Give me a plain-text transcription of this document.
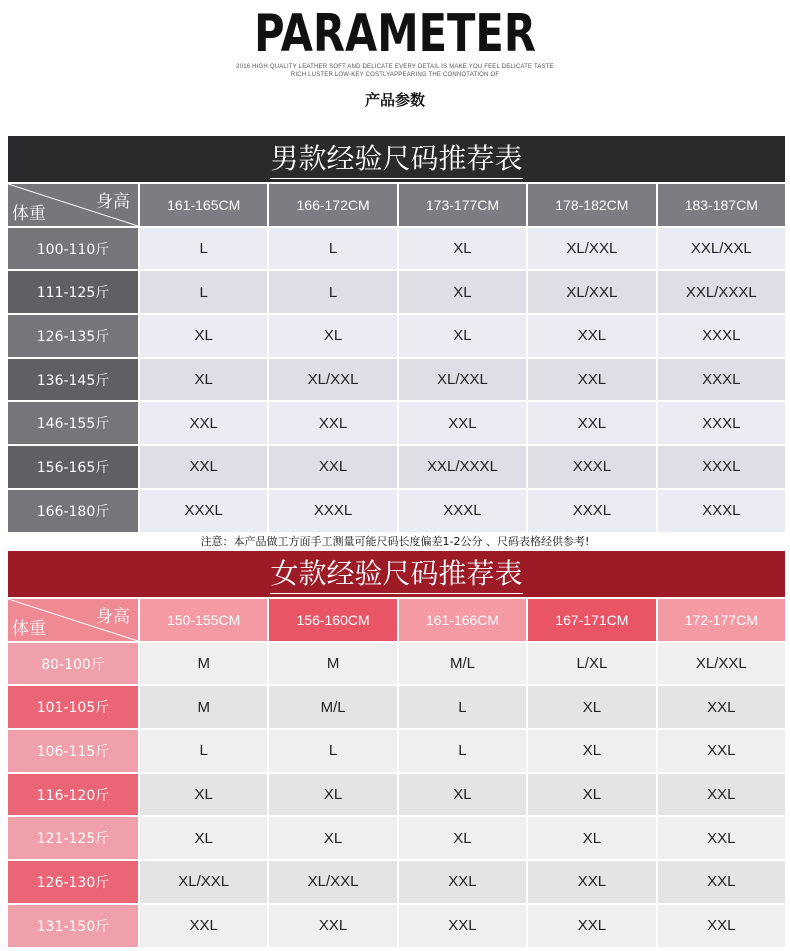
PARAMETER
2016 HIGH QUALITY LEATHER SOFT AND DELICATE EVERY DETAIL IS MAKE YOU FEEL DELICATE TASTE
RICH LUSTER LOW-KEY COSTLYAPPEARING THE CONNOTATION OF
产品参数
男款经验尺码推荐表
身高
体重	161-165CM	166-172CM	173-177CM	178-182CM	183-187CM
100-110斤	L	L	XL	XL/XXL	XXL/XXL
111-125斤	L	L	XL	XL/XXL	XXL/XXXL
126-135斤	XL	XL	XL	XXL	XXXL
136-145斤	XL	XL/XXL	XL/XXL	XXL	XXXL
146-155斤	XXL	XXL	XXL	XXL	XXXL
156-165斤	XXL	XXL	XXL/XXXL	XXXL	XXXL
166-180斤	XXXL	XXXL	XXXL	XXXL	XXXL
注意：本产品做工方面手工测量可能尺码长度偏差1-2公分 、尺码表格经供参考!
女款经验尺码推荐表
身高
体重	150-155CM	156-160CM	161-166CM	167-171CM	172-177CM
80-100斤	M	M	M/L	L/XL	XL/XXL
101-105斤	M	M/L	L	XL	XXL
106-115斤	L	L	L	XL	XXL
116-120斤	XL	XL	XL	XL	XXL
121-125斤	XL	XL	XL	XL	XXL
126-130斤	XL/XXL	XL/XXL	XXL	XXL	XXL
131-150斤	XXL	XXL	XXL	XXL	XXL
